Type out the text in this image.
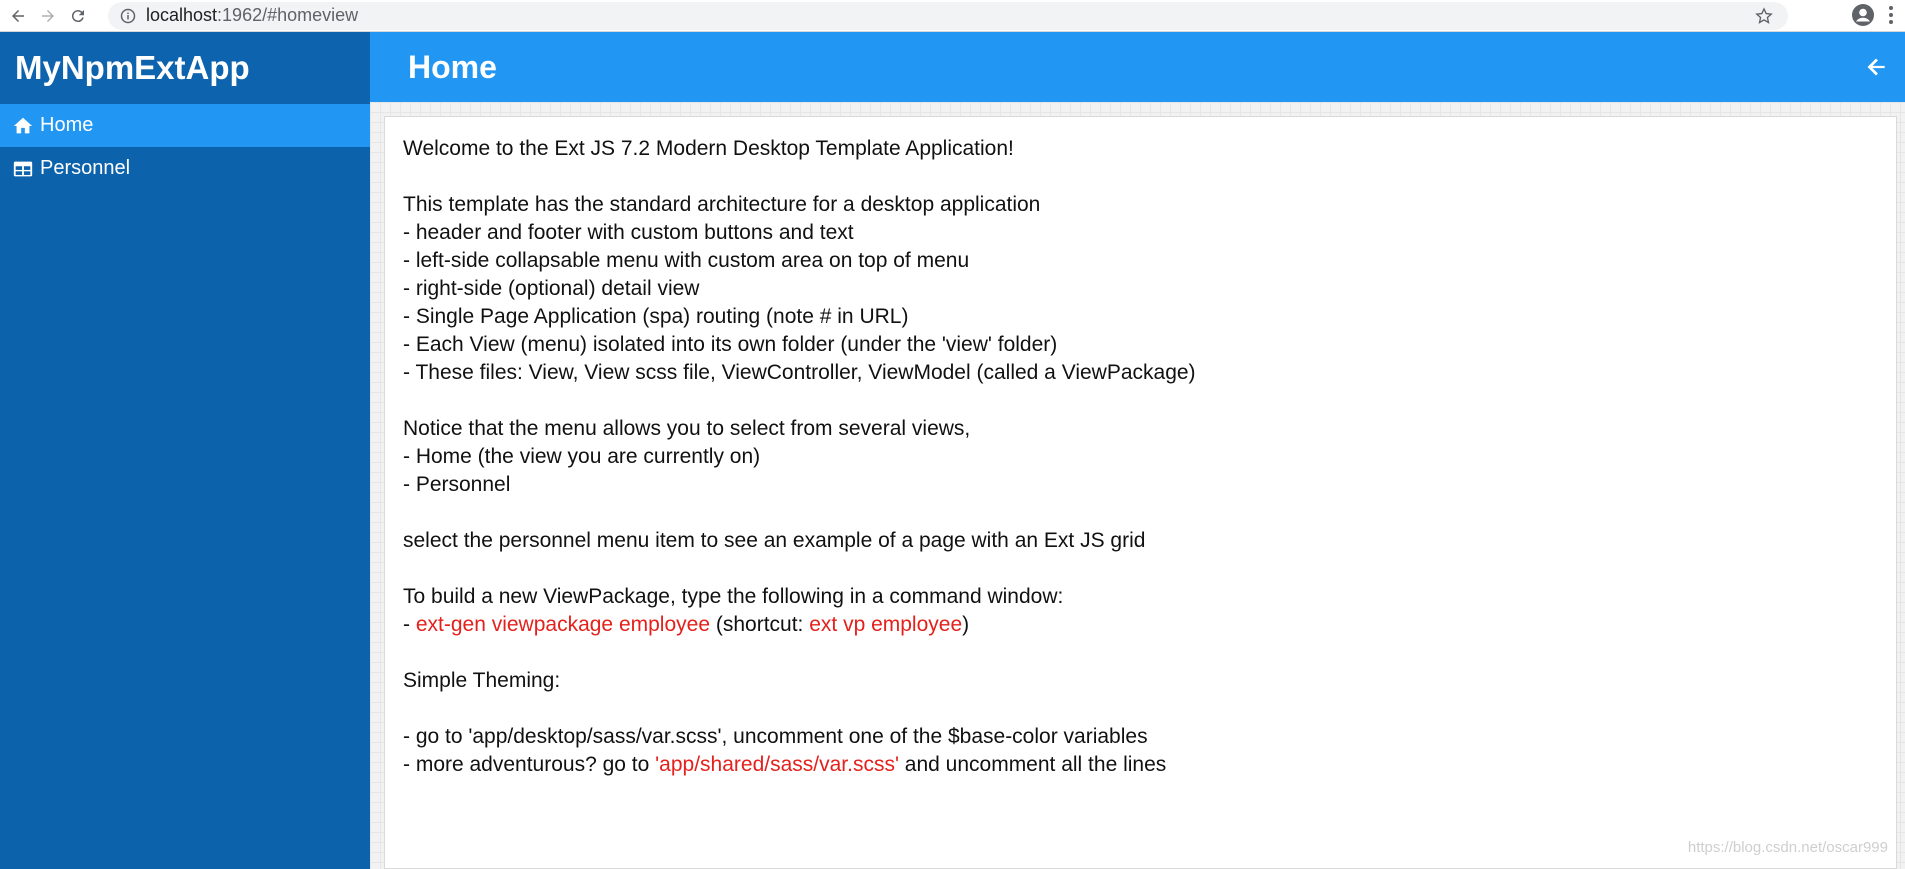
localhost:1962/#homeview
MyNpmExtApp
Home
Personnel
Home
Welcome to the Ext JS 7.2 Modern Desktop Template Application!
This template has the standard architecture for a desktop application
- header and footer with custom buttons and text
- left-side collapsable menu with custom area on top of menu
- right-side (optional) detail view
- Single Page Application (spa) routing (note # in URL)
- Each View (menu) isolated into its own folder (under the 'view' folder)
- These files: View, View scss file, ViewController, ViewModel (called a ViewPackage)
Notice that the menu allows you to select from several views,
- Home (the view you are currently on)
- Personnel
select the personnel menu item to see an example of a page with an Ext JS grid
To build a new ViewPackage, type the following in a command window:
- ext-gen viewpackage employee (shortcut: ext vp employee)
Simple Theming:
- go to 'app/desktop/sass/var.scss', uncomment one of the $base-color variables
- more adventurous? go to 'app/shared/sass/var.scss' and uncomment all the lines
https://blog.csdn.net/oscar999
